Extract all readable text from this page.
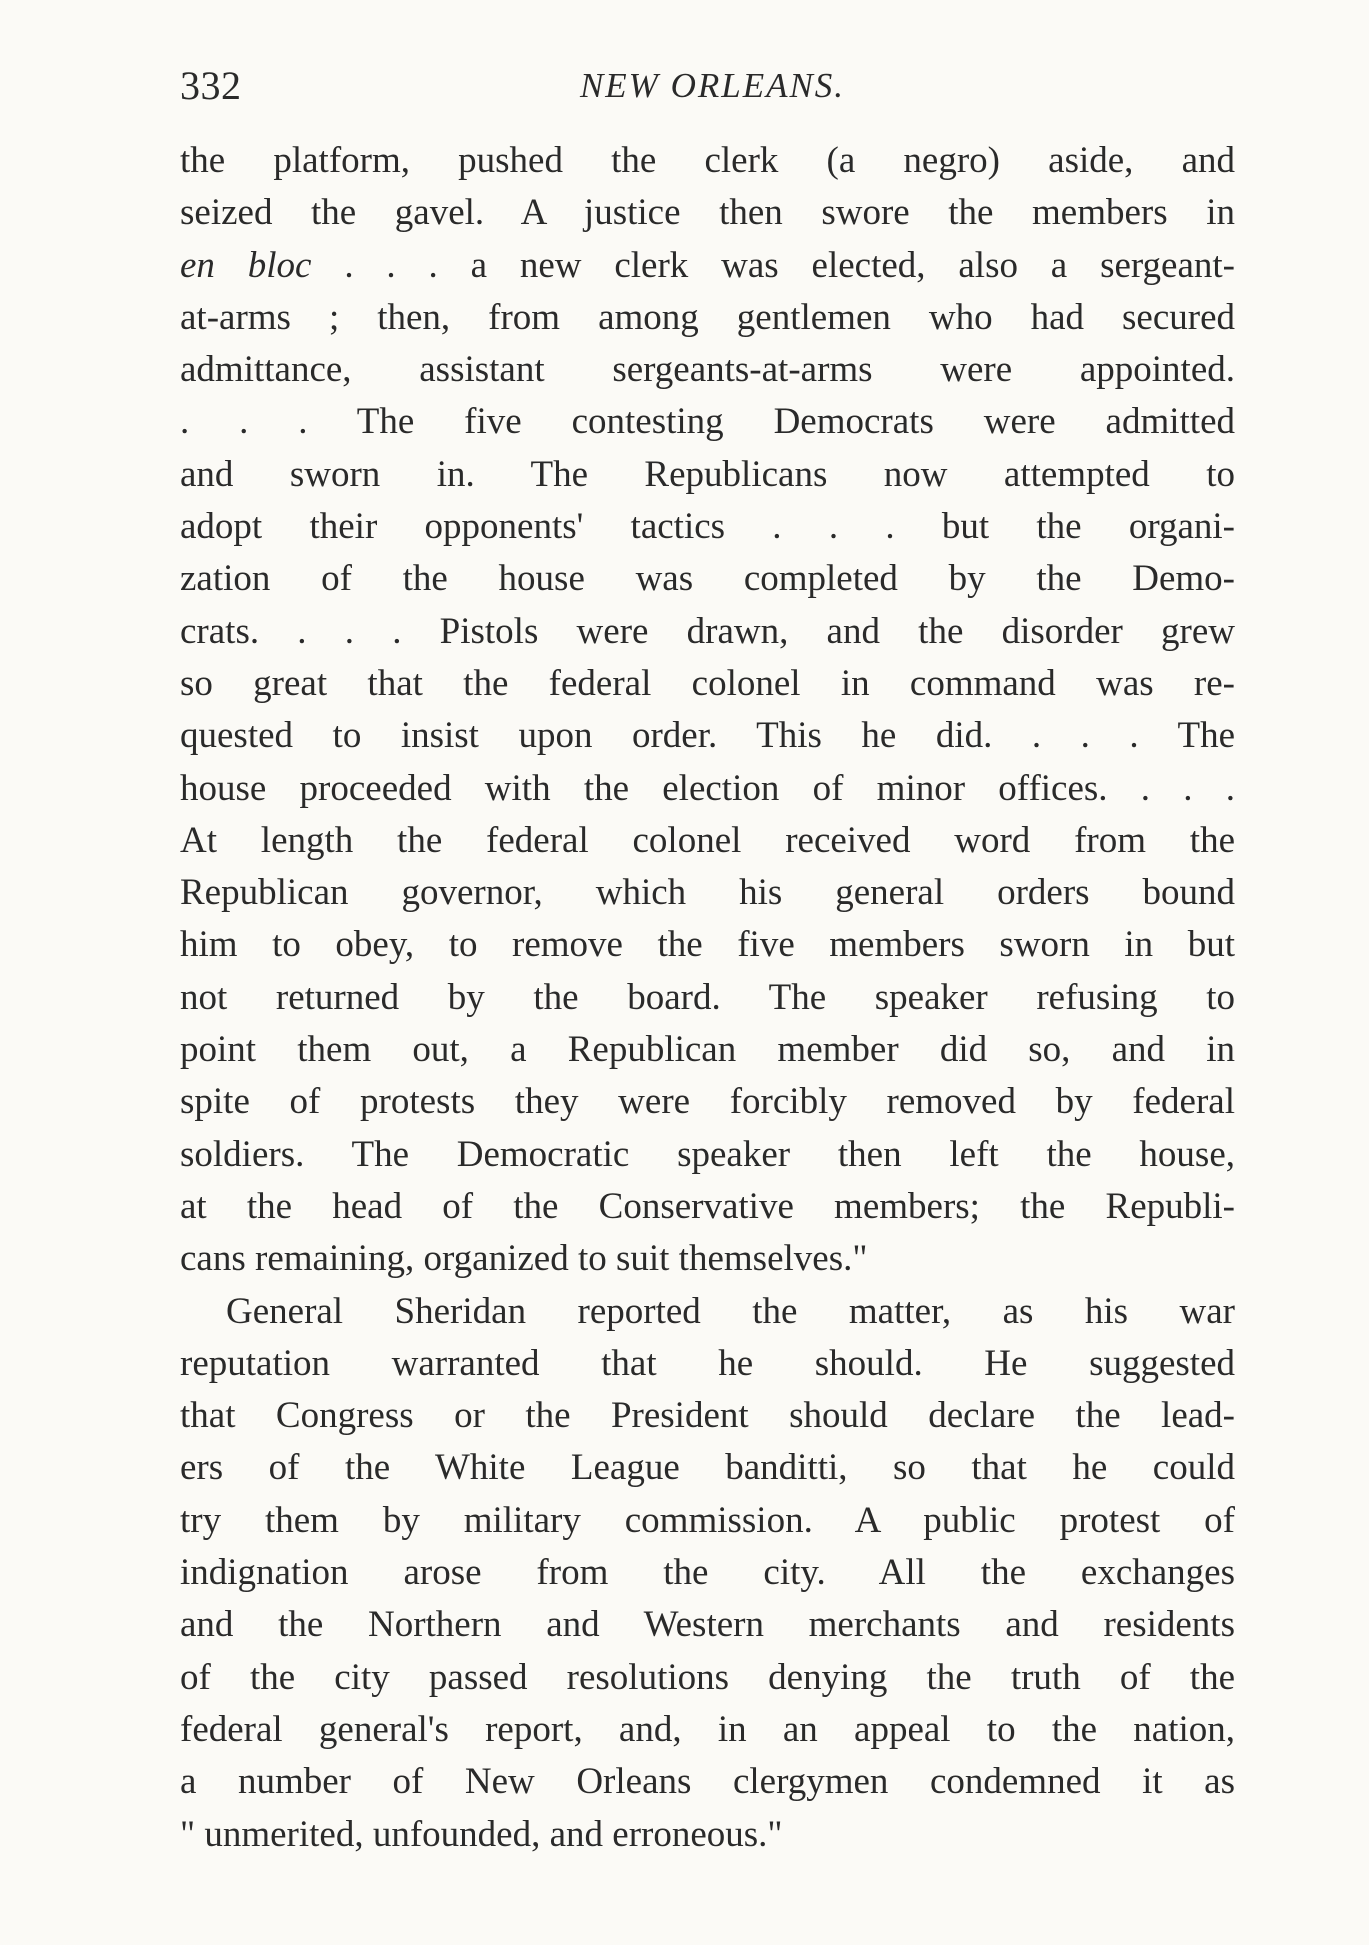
332	NEW ORLEANS.
the platform, pushed the clerk (a negro) aside, and
seized the gavel. A justice then swore the members in
en bloc . . . a new clerk was elected, also a sergeant-
at-arms ; then, from among gentlemen who had secured
admittance, assistant sergeants-at-arms were appointed.
. . . The five contesting Democrats were admitted
and sworn in. The Republicans now attempted to
adopt their opponents' tactics . . . but the organi-
zation of the house was completed by the Demo-
crats. . . . Pistols were drawn, and the disorder grew
so great that the federal colonel in command was re-
quested to insist upon order. This he did. . . . The
house proceeded with the election of minor offices. . . .
At length the federal colonel received word from the
Republican governor, which his general orders bound
him to obey, to remove the five members sworn in but
not returned by the board. The speaker refusing to
point them out, a Republican member did so, and in
spite of protests they were forcibly removed by federal
soldiers. The Democratic speaker then left the house,
at the head of the Conservative members; the Republi-
cans remaining, organized to suit themselves."
General Sheridan reported the matter, as his war
reputation warranted that he should. He suggested
that Congress or the President should declare the lead-
ers of the White League banditti, so that he could
try them by military commission. A public protest of
indignation arose from the city. All the exchanges
and the Northern and Western merchants and residents
of the city passed resolutions denying the truth of the
federal general's report, and, in an appeal to the nation,
a number of New Orleans clergymen condemned it as
" unmerited, unfounded, and erroneous."
